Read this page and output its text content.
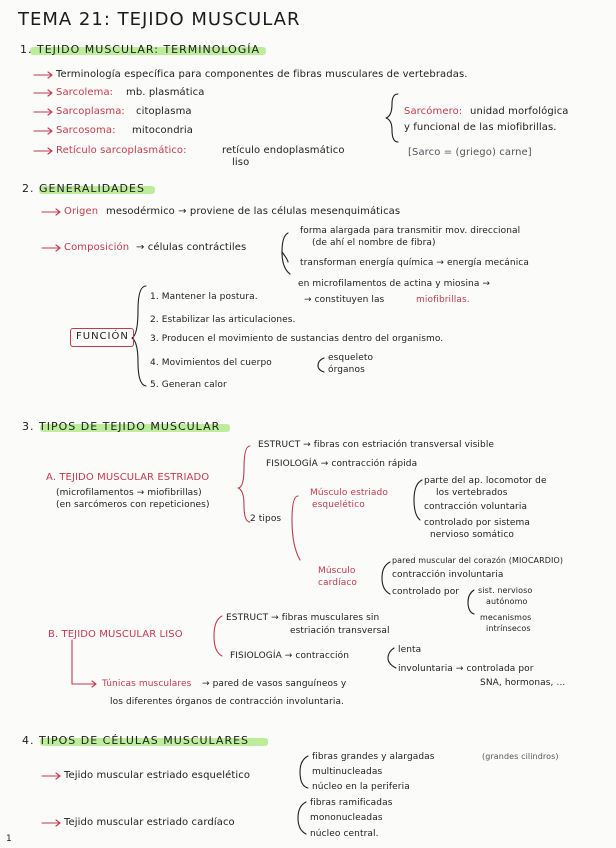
TEMA 21: TEJIDO MUSCULAR
1. TEJIDO MUSCULAR: TERMINOLOGÍA
Terminología específica para componentes de fibras musculares de vertebradas.
Sarcolema: mb. plasmática
Sarcoplasma: citoplasma
Sarcosoma: mitocondria
Retículo sarcoplasmático:	retículo endoplasmático
liso
Sarcómero: unidad morfológica
y funcional de las miofibrillas.
[Sarco = (griego) carne]
2. GENERALIDADES
Origen mesodérmico → proviene de las células mesenquimáticas
Composición → células contráctiles
forma alargada para transmitir mov. direccional
(de ahí el nombre de fibra)
transforman energía química → energía mecánica
en microfilamentos de actina y miosina →
→ constituyen las	miofibrillas.
FUNCIÓN
1. Mantener la postura.
2. Estabilizar las articulaciones.
3. Producen el movimiento de sustancias dentro del organismo.
4. Movimientos del cuerpo	esqueleto
órganos
5. Generan calor
3. TIPOS DE TEJIDO MUSCULAR
A. TEJIDO MUSCULAR ESTRIADO
(microfilamentos → miofibrillas)
(en sarcómeros con repeticiones)
ESTRUCT → fibras con estriación transversal visible
FISIOLOGÍA → contracción rápida
2 tipos
Músculo estriado
esquelético
parte del ap. locomotor de
los vertebrados
contracción voluntaria
controlado por sistema
nervioso somático
Músculo
cardíaco
pared muscular del corazón (MIOCARDIO)
contracción involuntaria
controlado por sist. nervioso
autónomo
mecanismos
intrínsecos
B. TEJIDO MUSCULAR LISO
ESTRUCT → fibras musculares sin
estriación transversal
FISIOLOGÍA → contracción
lenta
involuntaria → controlada por
SNA, hormonas, ...
Túnicas musculares → pared de vasos sanguíneos y
los diferentes órganos de contracción involuntaria.
4. TIPOS DE CÉLULAS MUSCULARES
Tejido muscular estriado esquelético
fibras grandes y alargadas	(grandes cilindros)
multinucleadas
núcleo en la periferia
Tejido muscular estriado cardíaco
fibras ramificadas
mononucleadas
núcleo central.
1
